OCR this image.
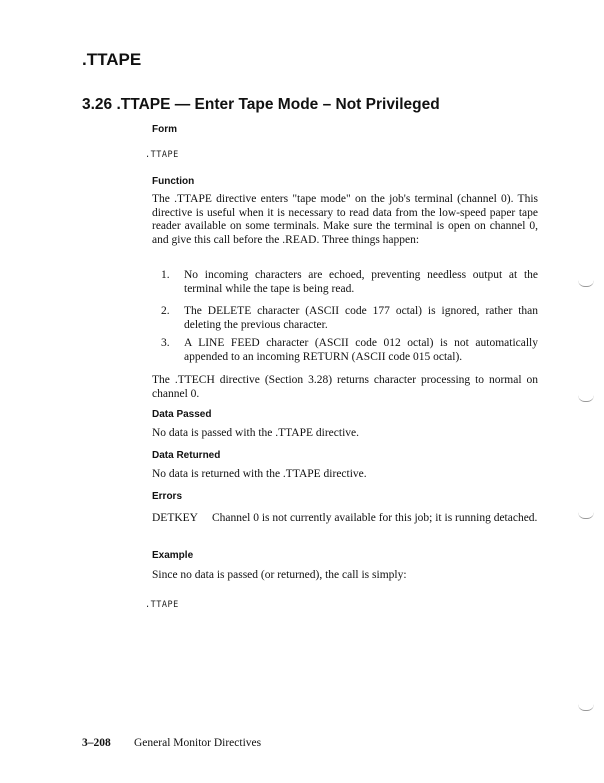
.TTAPE
3.26 .TTAPE — Enter Tape Mode – Not Privileged
Form
.TTAPE
Function
The .TTAPE directive enters "tape mode" on the job's terminal (channel 0). This directive is useful when it is necessary to read data from the low-speed paper tape reader available on some terminals. Make sure the terminal is open on channel 0, and give this call before the .READ. Three things happen:
1. No incoming characters are echoed, preventing needless output at the terminal while the tape is being read.
2. The DELETE character (ASCII code 177 octal) is ignored, rather than deleting the previous character.
3. A LINE FEED character (ASCII code 012 octal) is not automatically appended to an incoming RETURN (ASCII code 015 octal).
The .TTECH directive (Section 3.28) returns character processing to normal on channel 0.
Data Passed
No data is passed with the .TTAPE directive.
Data Returned
No data is returned with the .TTAPE directive.
Errors
DETKEY Channel 0 is not currently available for this job; it is running detached.
Example
Since no data is passed (or returned), the call is simply:
.TTAPE
3–208 General Monitor Directives
